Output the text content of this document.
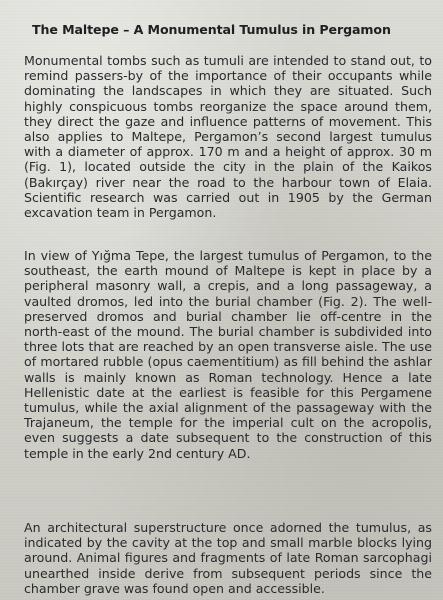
The Maltepe – A Monumental Tumulus in Pergamon

Monumental tombs such as tumuli are intended to stand out, to remind passers-by of the importance of their occupants while dominating the landscapes in which they are situated. Such highly conspicuous tombs reorganize the space around them, they direct the gaze and influence patterns of movement. This also applies to Maltepe, Pergamon’s second largest tumulus with a diameter of approx. 170 m and a height of approx. 30 m (Fig. 1), located outside the city in the plain of the Kaikos (Bakırçay) river near the road to the harbour town of Elaia. Scientific research was carried out in 1905 by the German excavation team in Pergamon.

In view of Yığma Tepe, the largest tumulus of Pergamon, to the southeast, the earth mound of Maltepe is kept in place by a peripheral masonry wall, a crepis, and a long passageway, a vaulted dromos, led into the burial chamber (Fig. 2). The well-preserved dromos and burial chamber lie off-centre in the north-east of the mound. The burial chamber is subdivided into three lots that are reached by an open transverse aisle. The use of mortared rubble (opus caementitium) as fill behind the ashlar walls is mainly known as Roman technology. Hence a late Hellenistic date at the earliest is feasible for this Pergamene tumulus, while the axial alignment of the passageway with the Trajaneum, the temple for the imperial cult on the acropolis, even suggests a date subsequent to the construction of this temple in the early 2nd century AD.

An architectural superstructure once adorned the tumulus, as indicated by the cavity at the top and small marble blocks lying around. Animal figures and fragments of late Roman sarcophagi unearthed inside derive from subsequent periods since the chamber grave was found open and accessible.
